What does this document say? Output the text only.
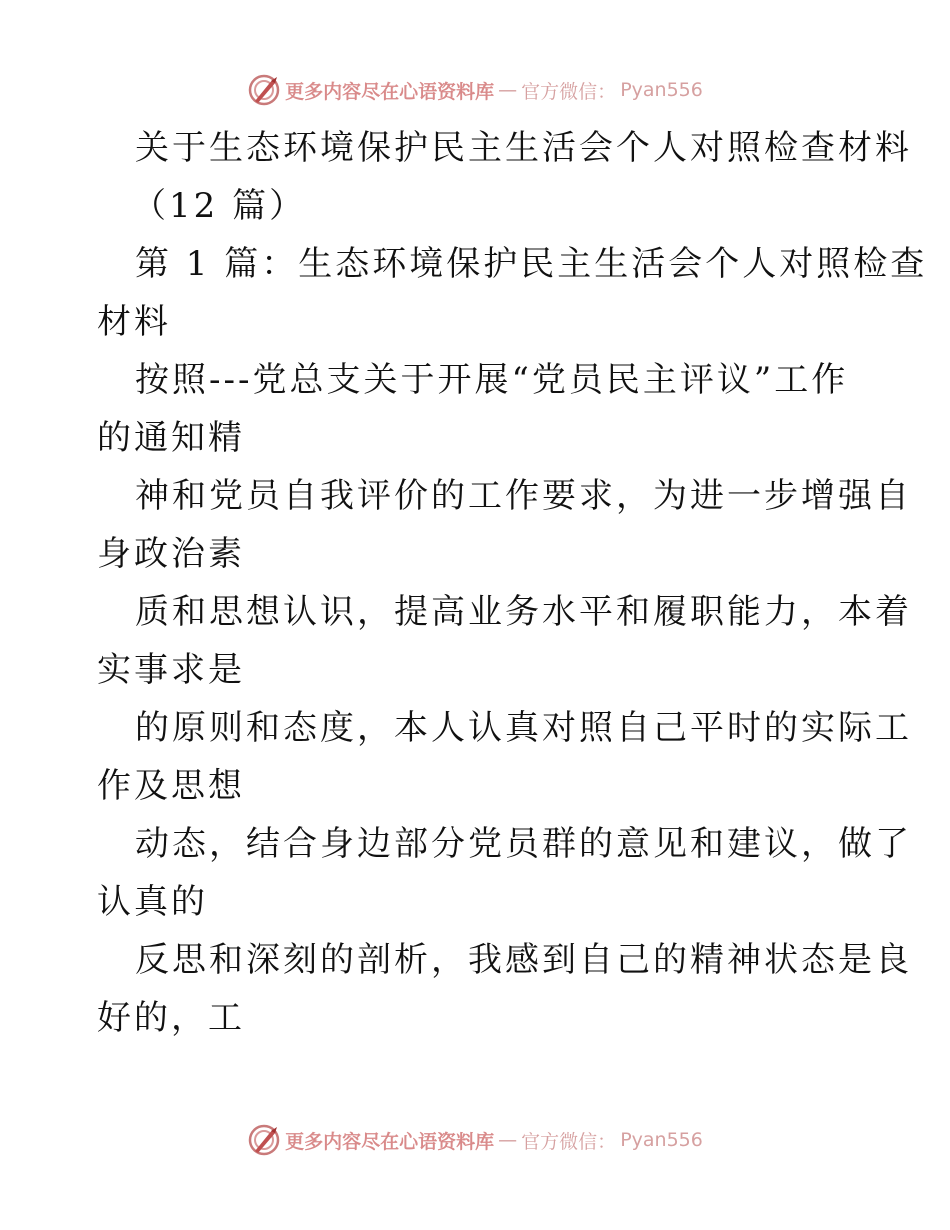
更多内容尽在心语资料库 — 官方微信： Pyan556
关于生态环境保护民主生活会个人对照检查材料
（12 篇）
第 1 篇：生态环境保护民主生活会个人对照检查
材料
按照---党总支关于开展“党员民主评议”工作
的通知精
神和党员自我评价的工作要求，为进一步增强自
身政治素
质和思想认识，提高业务水平和履职能力，本着
实事求是
的原则和态度，本人认真对照自己平时的实际工
作及思想
动态，结合身边部分党员群的意见和建议，做了
认真的
反思和深刻的剖析，我感到自己的精神状态是良
好的，工
更多内容尽在心语资料库 — 官方微信： Pyan556
